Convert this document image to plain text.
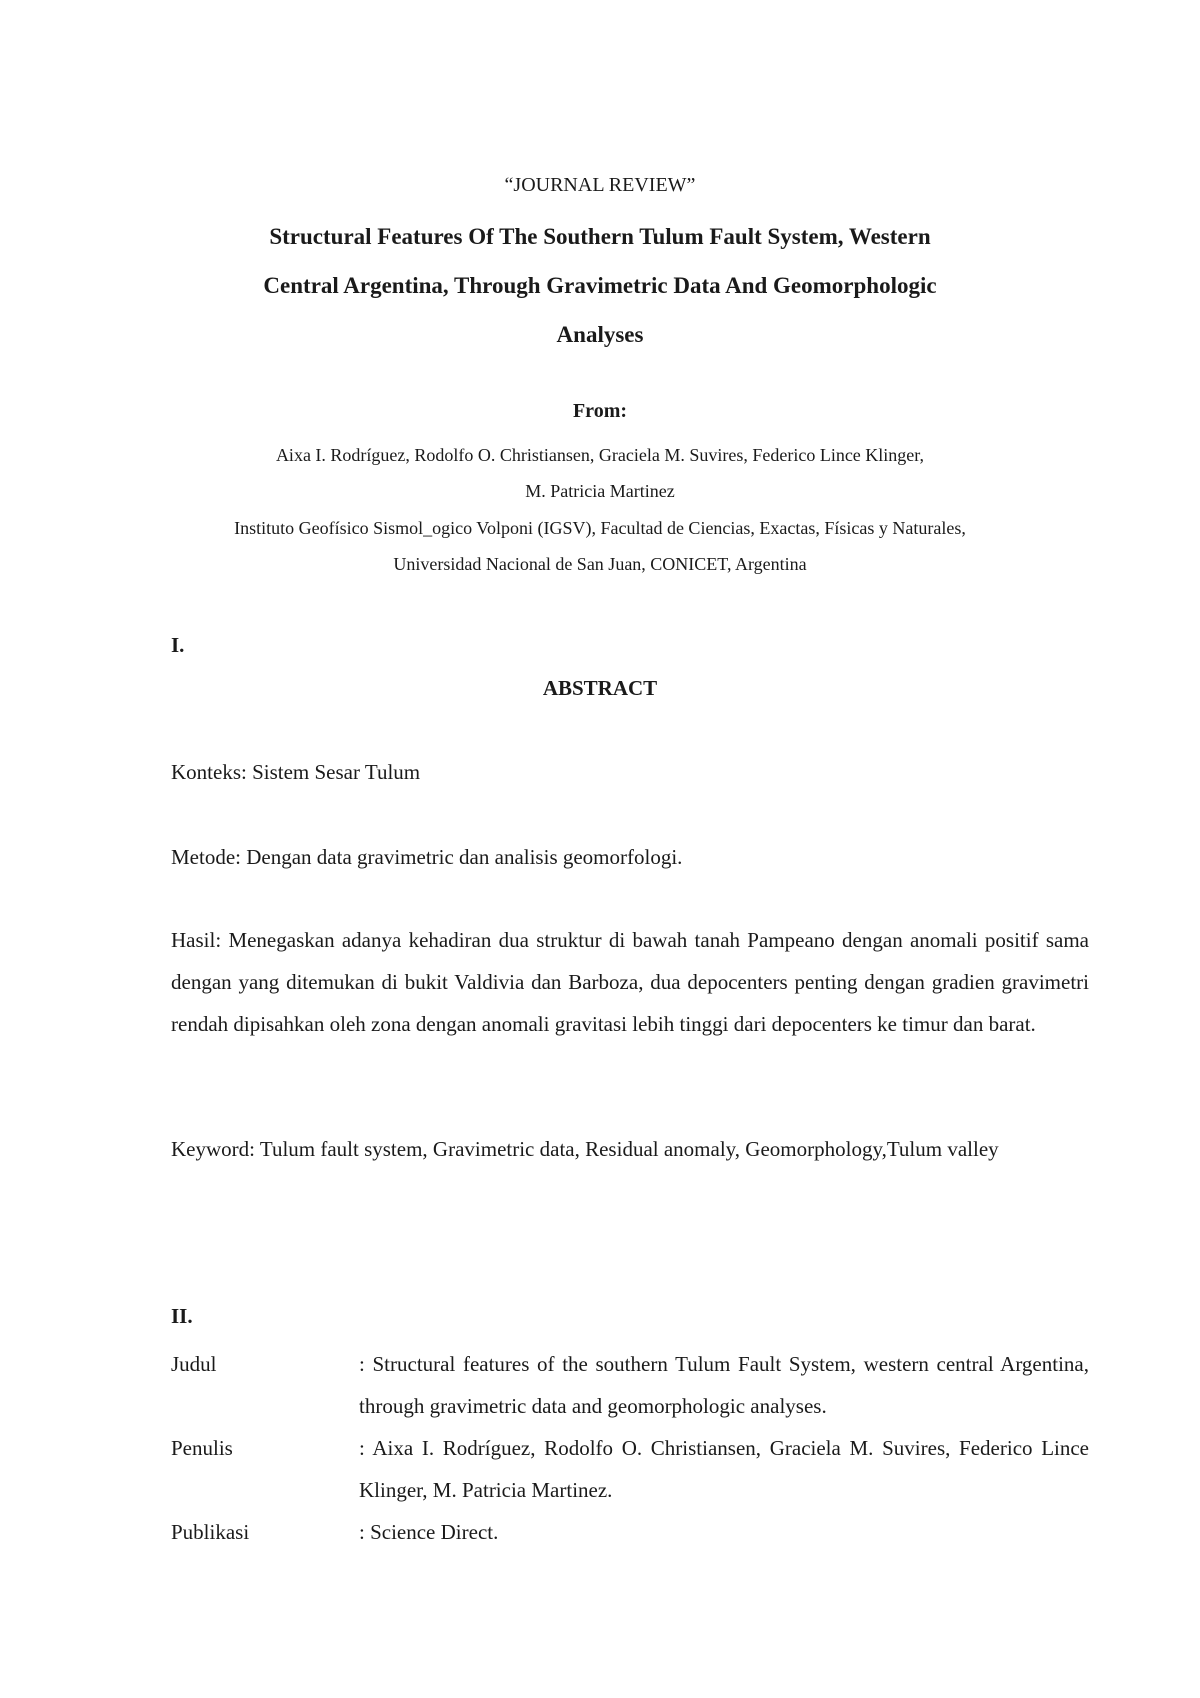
“JOURNAL REVIEW”
Structural Features Of The Southern Tulum Fault System, Western
Central Argentina, Through Gravimetric Data And Geomorphologic
Analyses
From:
Aixa I. Rodríguez, Rodolfo O. Christiansen, Graciela M. Suvires, Federico Lince Klinger,
M. Patricia Martinez
Instituto Geofísico Sismol_ogico Volponi (IGSV), Facultad de Ciencias, Exactas, Físicas y Naturales,
Universidad Nacional de San Juan, CONICET, Argentina
I.
ABSTRACT
Konteks: Sistem Sesar Tulum
Metode: Dengan data gravimetric dan analisis geomorfologi.
Hasil: Menegaskan adanya kehadiran dua struktur di bawah tanah Pampeano dengan anomali positif sama dengan yang ditemukan di bukit Valdivia dan Barboza, dua depocenters penting dengan gradien gravimetri rendah dipisahkan oleh zona dengan anomali gravitasi lebih tinggi dari depocenters ke timur dan barat.
Keyword: Tulum fault system, Gravimetric data, Residual anomaly, Geomorphology,Tulum valley
II.
Judul	: Structural features of the southern Tulum Fault System, western central Argentina, through gravimetric data and geomorphologic analyses.
Penulis	: Aixa I. Rodríguez, Rodolfo O. Christiansen, Graciela M. Suvires, Federico Lince Klinger, M. Patricia Martinez.
Publikasi	: Science Direct.
